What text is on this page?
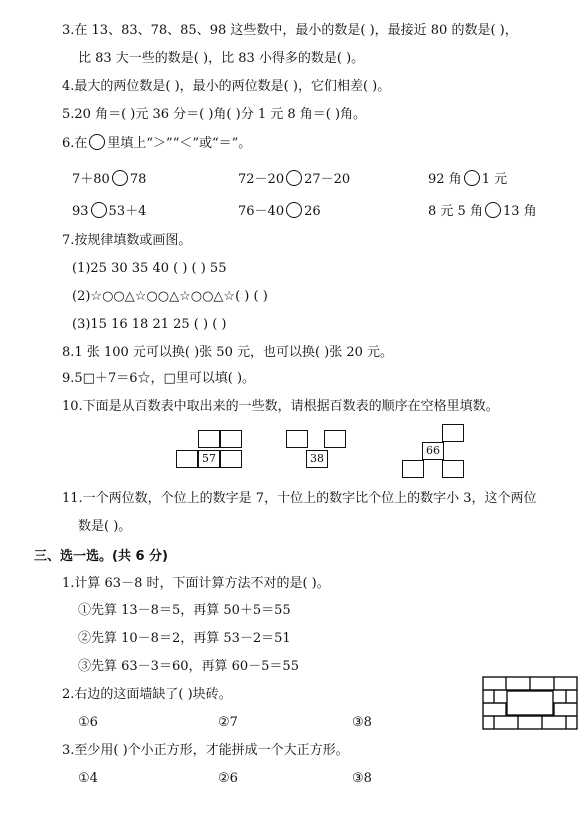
3.在 13、83、78、85、98 这些数中，最小的数是( )，最接近 80 的数是( )，
比 83 大一些的数是( )，比 83 小得多的数是( )。
4.最大的两位数是( )，最小的两位数是( )，它们相差( )。
5.20 角＝( )元 36 分＝( )角( )分 1 元 8 角＝( )角。
6.在 里填上“＞”“＜”或“＝”。
7＋80 78	72－20 27－20	92 角 1 元
93 53＋4	76－40 26	8 元 5 角 13 角
7.按规律填数或画图。
(1)25 30 35 40 ( ) ( ) 55
(2)☆○○△☆○○△☆○○△☆( ) ( )
(3)15 16 18 21 25 ( ) ( )
8.1 张 100 元可以换( )张 50 元，也可以换( )张 20 元。
9.5□＋7＝6☆，□里可以填( )。
10.下面是从百数表中取出来的一些数，请根据百数表的顺序在空格里填数。
57	38
66
11.一个两位数，个位上的数字是 7，十位上的数字比个位上的数字小 3，这个两位
数是( )。
三、选一选。(共 6 分)
1.计算 63－8 时，下面计算方法不对的是( )。
①先算 13－8＝5，再算 50＋5＝55
②先算 10－8＝2，再算 53－2＝51
③先算 63－3＝60，再算 60－5＝55
2.右边的这面墙缺了( )块砖。
①6	②7	③8
3.至少用( )个小正方形，才能拼成一个大正方形。
①4	②6	③8
